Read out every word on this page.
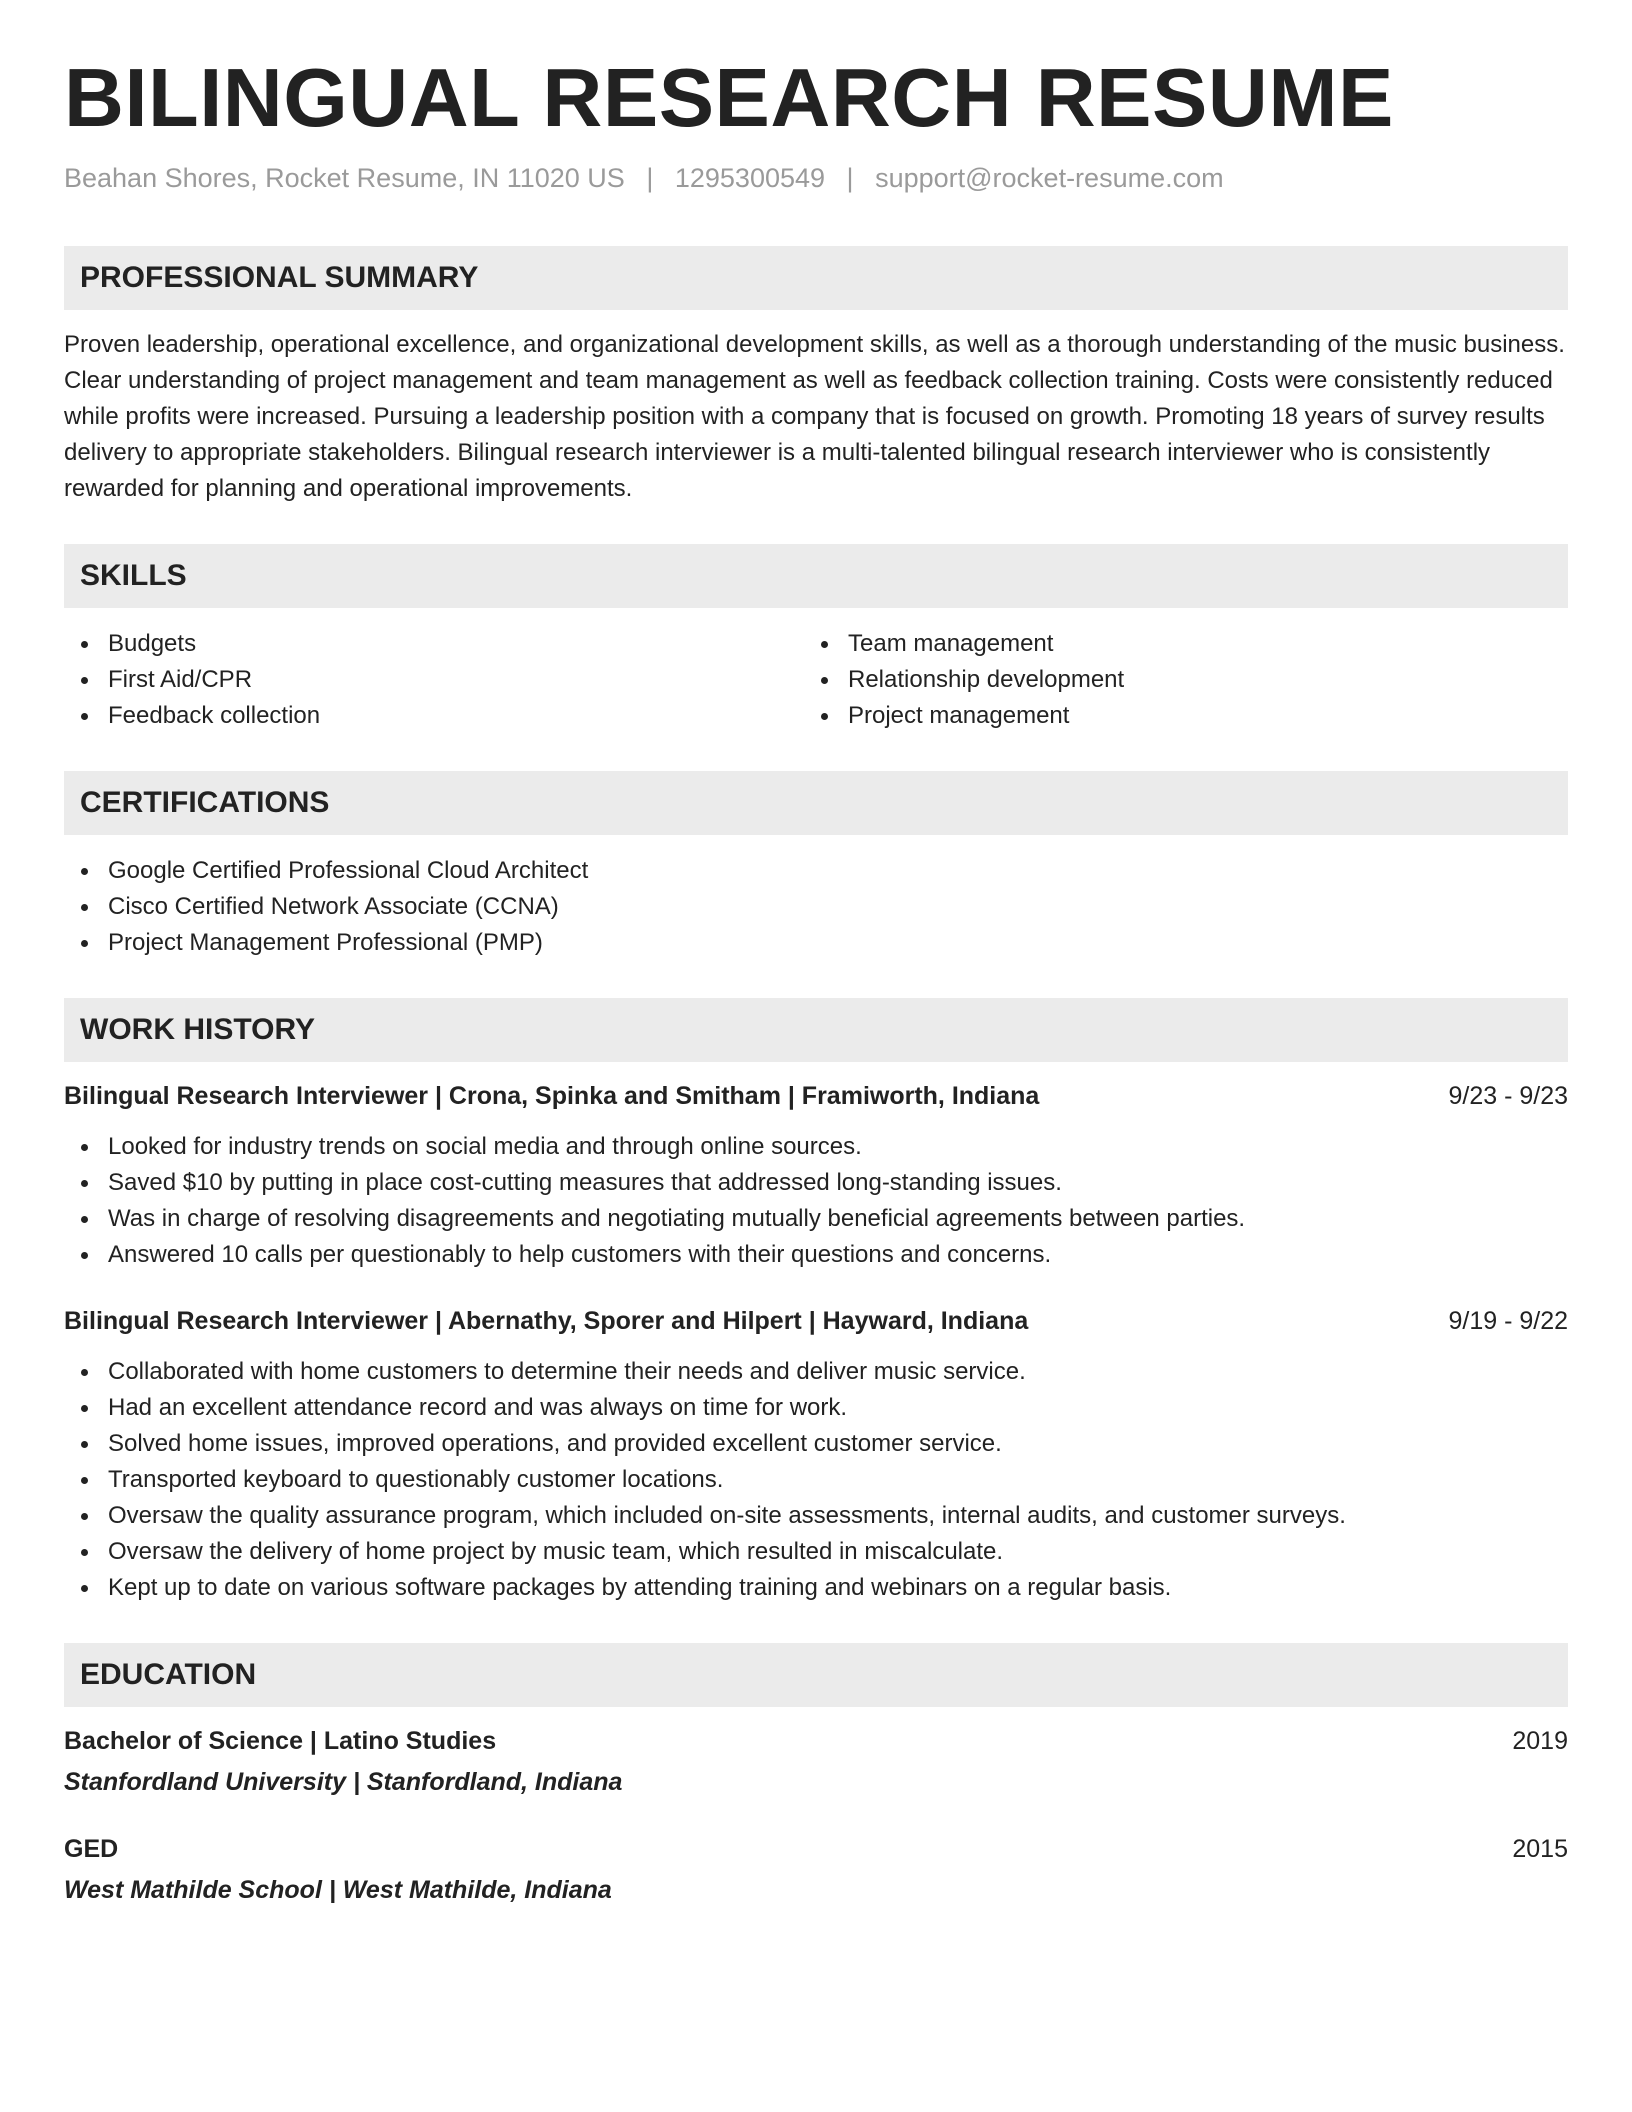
BILINGUAL RESEARCH RESUME
Beahan Shores, Rocket Resume, IN 11020 US | 1295300549 | support@rocket-resume.com
PROFESSIONAL SUMMARY

Proven leadership, operational excellence, and organizational development skills, as well as a thorough understanding of the music business. Clear understanding of project management and team management as well as feedback collection training. Costs were consistently reduced while profits were increased. Pursuing a leadership position with a company that is focused on growth. Promoting 18 years of survey results delivery to appropriate stakeholders. Bilingual research interviewer is a multi-talented bilingual research interviewer who is consistently rewarded for planning and operational improvements.

SKILLS
Budgets
First Aid/CPR
Feedback collection
Team management
Relationship development
Project management
CERTIFICATIONS
Google Certified Professional Cloud Architect
Cisco Certified Network Associate (CCNA)
Project Management Professional (PMP)
WORK HISTORY
Bilingual Research Interviewer | Crona, Spinka and Smitham | Framiworth, Indiana	9/23 - 9/23
Looked for industry trends on social media and through online sources.
Saved $10 by putting in place cost-cutting measures that addressed long-standing issues.
Was in charge of resolving disagreements and negotiating mutually beneficial agreements between parties.
Answered 10 calls per questionably to help customers with their questions and concerns.
Bilingual Research Interviewer | Abernathy, Sporer and Hilpert | Hayward, Indiana	9/19 - 9/22
Collaborated with home customers to determine their needs and deliver music service.
Had an excellent attendance record and was always on time for work.
Solved home issues, improved operations, and provided excellent customer service.
Transported keyboard to questionably customer locations.
Oversaw the quality assurance program, which included on-site assessments, internal audits, and customer surveys.
Oversaw the delivery of home project by music team, which resulted in miscalculate.
Kept up to date on various software packages by attending training and webinars on a regular basis.
EDUCATION
Bachelor of Science | Latino Studies	2019
Stanfordland University | Stanfordland, Indiana
GED	2015
West Mathilde School | West Mathilde, Indiana
